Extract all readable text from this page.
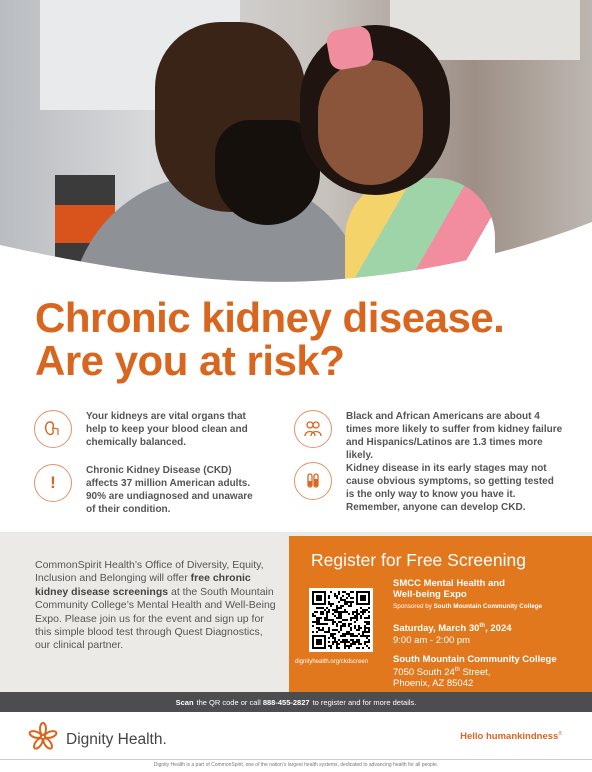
Chronic kidney disease.
Are you at risk?
Your kidneys are vital organs that help to keep your blood clean and chemically balanced.
Black and African Americans are about 4 times more likely to suffer from kidney failure and Hispanics/Latinos are 1.3 times more likely.
!
Chronic Kidney Disease (CKD) affects 37 million American adults. 90% are undiagnosed and unaware of their condition.
Kidney disease in its early stages may not cause obvious symptoms, so getting tested is the only way to know you have it. Remember, anyone can develop CKD.
CommonSpirit Health’s Office of Diversity, Equity, Inclusion and Belonging will offer free chronic kidney disease screenings at the South Mountain Community College’s Mental Health and Well-Being Expo. Please join us for the event and sign up for this simple blood test through Quest Diagnostics, our clinical partner.
Register for Free Screening
dignityhealth.org/ckdscreen
SMCC Mental Health and
Well-being Expo
Sponsored by South Mountain Community College
Saturday, March 30th, 2024
9:00 am - 2:00 pm
South Mountain Community College
7050 South 24th Street,
Phoenix, AZ 85042
Scan the QR code or call
888-455-2827 to register and for more details.
Dignity Health.	Hello humankindness®
Dignity Health is a part of CommonSpirit, one of the nation’s largest health systems, dedicated to advancing health for all people.
